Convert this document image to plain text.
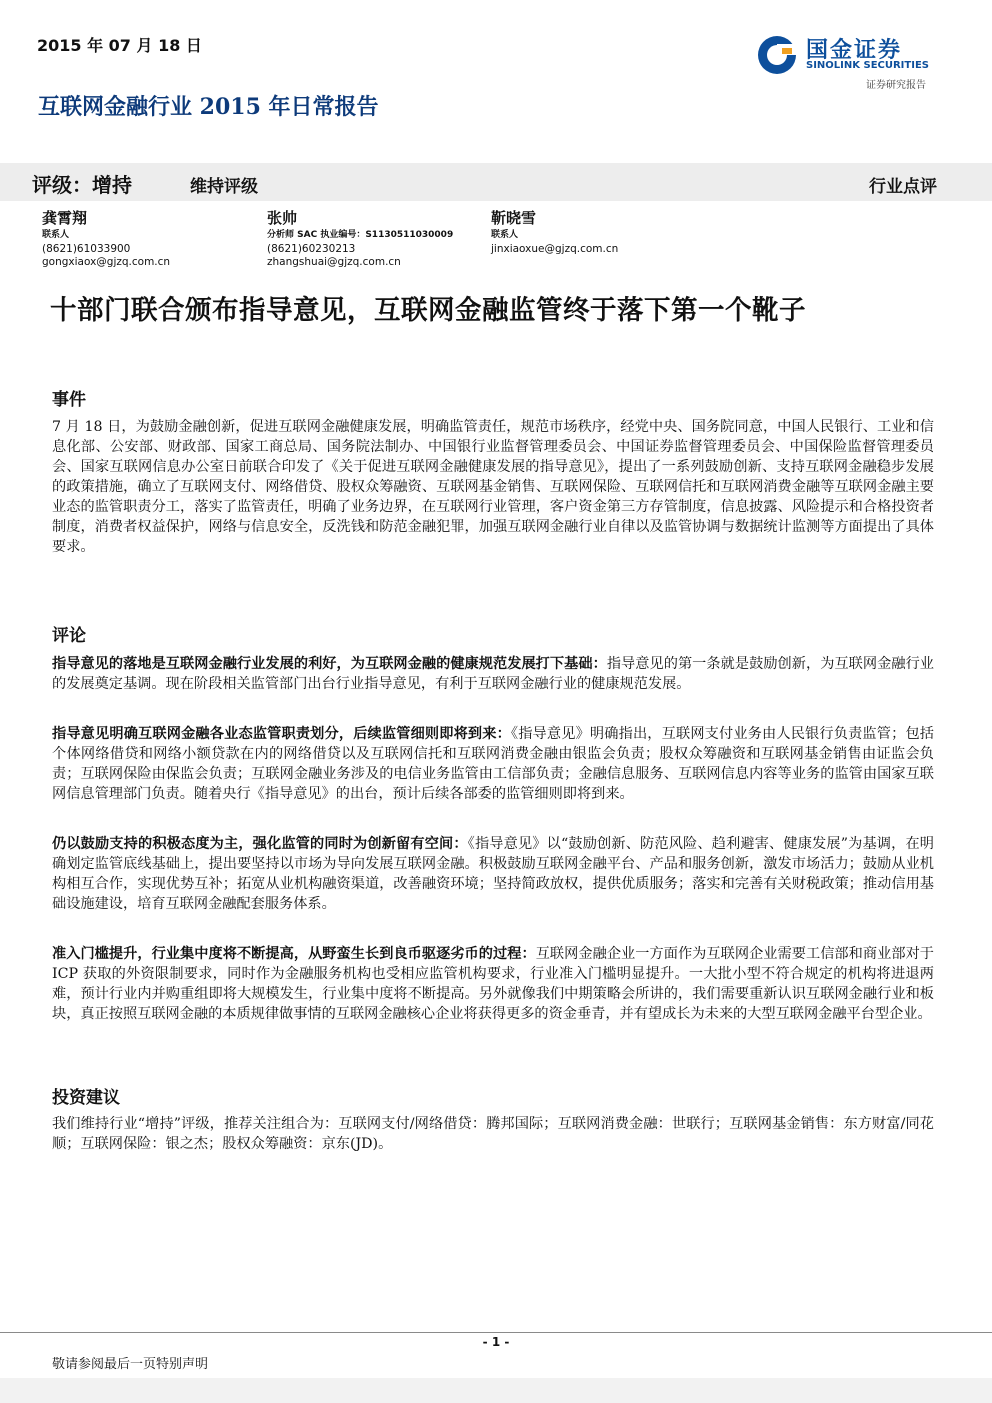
2015 年 07 月 18 日	国金证券
SINOLINK SECURITIES
证券研究报告
互联网金融行业 2015 年日常报告
评级：增持	维持评级	行业点评
龚霄翔
联系人
(8621)61033900
gongxiaox@gjzq.com.cn
张帅
分析师 SAC 执业编号：S1130511030009
(8621)60230213
zhangshuai@gjzq.com.cn
靳晓雪
联系人
jinxiaoxue@gjzq.com.cn
十部门联合颁布指导意见，互联网金融监管终于落下第一个靴子
事件
7 月 18 日，为鼓励金融创新，促进互联网金融健康发展，明确监管责任，规范市场秩序，经党中央、国务院同意，中国人民银行、工业和信息化部、公安部、财政部、国家工商总局、国务院法制办、中国银行业监督管理委员会、中国证券监督管理委员会、中国保险监督管理委员会、国家互联网信息办公室日前联合印发了《关于促进互联网金融健康发展的指导意见》，提出了一系列鼓励创新、支持互联网金融稳步发展的政策措施，确立了互联网支付、网络借贷、股权众筹融资、互联网基金销售、互联网保险、互联网信托和互联网消费金融等互联网金融主要业态的监管职责分工，落实了监管责任，明确了业务边界，在互联网行业管理，客户资金第三方存管制度，信息披露、风险提示和合格投资者制度，消费者权益保护，网络与信息安全，反洗钱和防范金融犯罪，加强互联网金融行业自律以及监管协调与数据统计监测等方面提出了具体要求。
评论
指导意见的落地是互联网金融行业发展的利好，为互联网金融的健康规范发展打下基础：指导意见的第一条就是鼓励创新，为互联网金融行业的发展奠定基调。现在阶段相关监管部门出台行业指导意见，有利于互联网金融行业的健康规范发展。
指导意见明确互联网金融各业态监管职责划分，后续监管细则即将到来：《指导意见》明确指出，互联网支付业务由人民银行负责监管；包括个体网络借贷和网络小额贷款在内的网络借贷以及互联网信托和互联网消费金融由银监会负责；股权众筹融资和互联网基金销售由证监会负责；互联网保险由保监会负责；互联网金融业务涉及的电信业务监管由工信部负责；金融信息服务、互联网信息内容等业务的监管由国家互联网信息管理部门负责。随着央行《指导意见》的出台，预计后续各部委的监管细则即将到来。
仍以鼓励支持的积极态度为主，强化监管的同时为创新留有空间：《指导意见》以“鼓励创新、防范风险、趋利避害、健康发展”为基调，在明确划定监管底线基础上，提出要坚持以市场为导向发展互联网金融。积极鼓励互联网金融平台、产品和服务创新，激发市场活力；鼓励从业机构相互合作，实现优势互补；拓宽从业机构融资渠道，改善融资环境；坚持简政放权，提供优质服务；落实和完善有关财税政策；推动信用基础设施建设，培育互联网金融配套服务体系。
准入门槛提升，行业集中度将不断提高，从野蛮生长到良币驱逐劣币的过程：互联网金融企业一方面作为互联网企业需要工信部和商业部对于 ICP 获取的外资限制要求，同时作为金融服务机构也受相应监管机构要求，行业准入门槛明显提升。一大批小型不符合规定的机构将进退两难，预计行业内并购重组即将大规模发生，行业集中度将不断提高。另外就像我们中期策略会所讲的，我们需要重新认识互联网金融行业和板块，真正按照互联网金融的本质规律做事情的互联网金融核心企业将获得更多的资金垂青，并有望成长为未来的大型互联网金融平台型企业。
投资建议
我们维持行业“增持”评级，推荐关注组合为：互联网支付/网络借贷：腾邦国际；互联网消费金融：世联行；互联网基金销售：东方财富/同花顺；互联网保险：银之杰；股权众筹融资：京东(JD)。
- 1 -
敬请参阅最后一页特别声明
